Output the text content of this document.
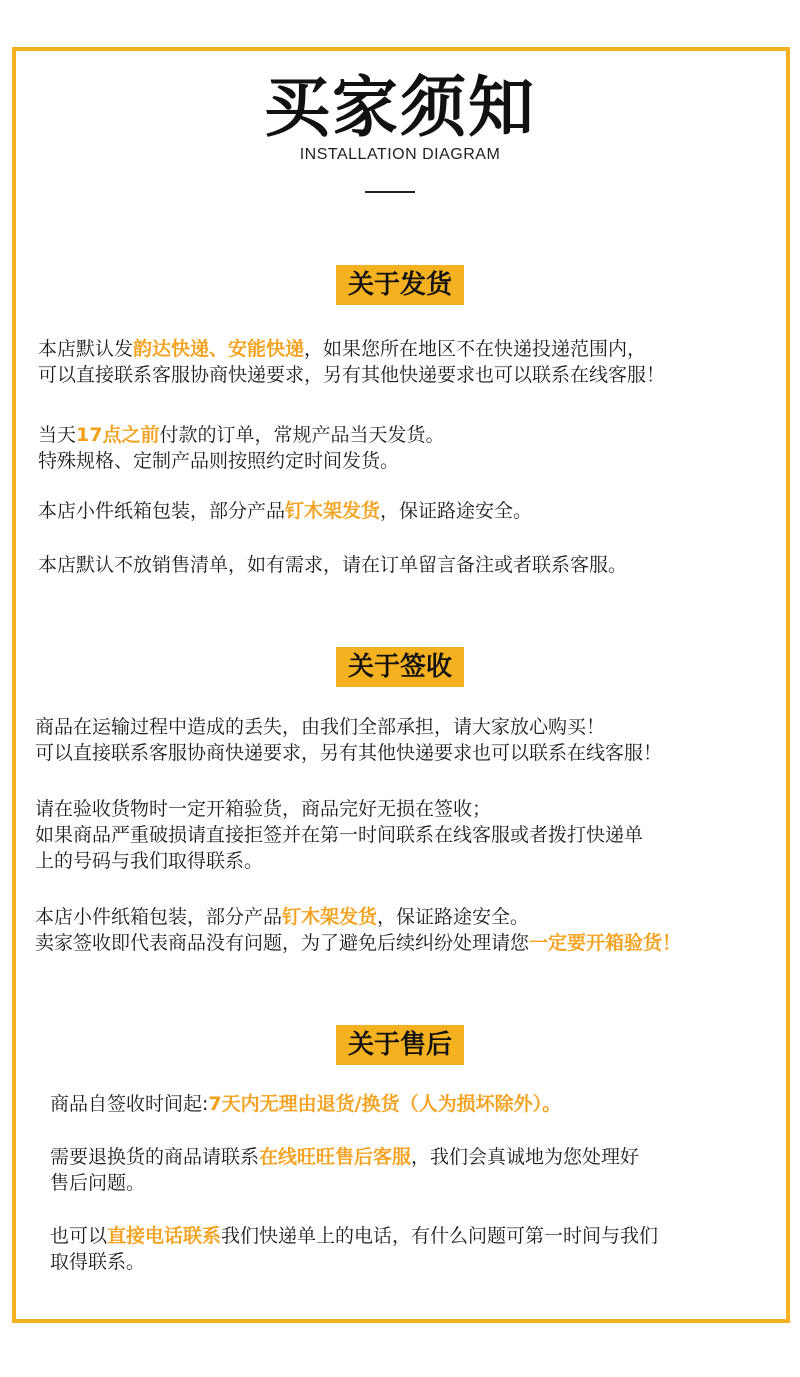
买家须知
INSTALLATION DIAGRAM
关于发货
本店默认发韵达快递、安能快递，如果您所在地区不在快递投递范围内，
可以直接联系客服协商快递要求，另有其他快递要求也可以联系在线客服！
当天17点之前付款的订单，常规产品当天发货。
特殊规格、定制产品则按照约定时间发货。
本店小件纸箱包装，部分产品钉木架发货，保证路途安全。
本店默认不放销售清单，如有需求，请在订单留言备注或者联系客服。
关于签收
商品在运输过程中造成的丢失，由我们全部承担，请大家放心购买！
可以直接联系客服协商快递要求，另有其他快递要求也可以联系在线客服！
请在验收货物时一定开箱验货，商品完好无损在签收；
如果商品严重破损请直接拒签并在第一时间联系在线客服或者拨打快递单
上的号码与我们取得联系。
本店小件纸箱包装，部分产品钉木架发货，保证路途安全。
卖家签收即代表商品没有问题，为了避免后续纠纷处理请您一定要开箱验货！
关于售后
商品自签收时间起:7天内无理由退货/换货（人为损坏除外）。
需要退换货的商品请联系在线旺旺售后客服，我们会真诚地为您处理好
售后问题。
也可以直接电话联系我们快递单上的电话，有什么问题可第一时间与我们
取得联系。
